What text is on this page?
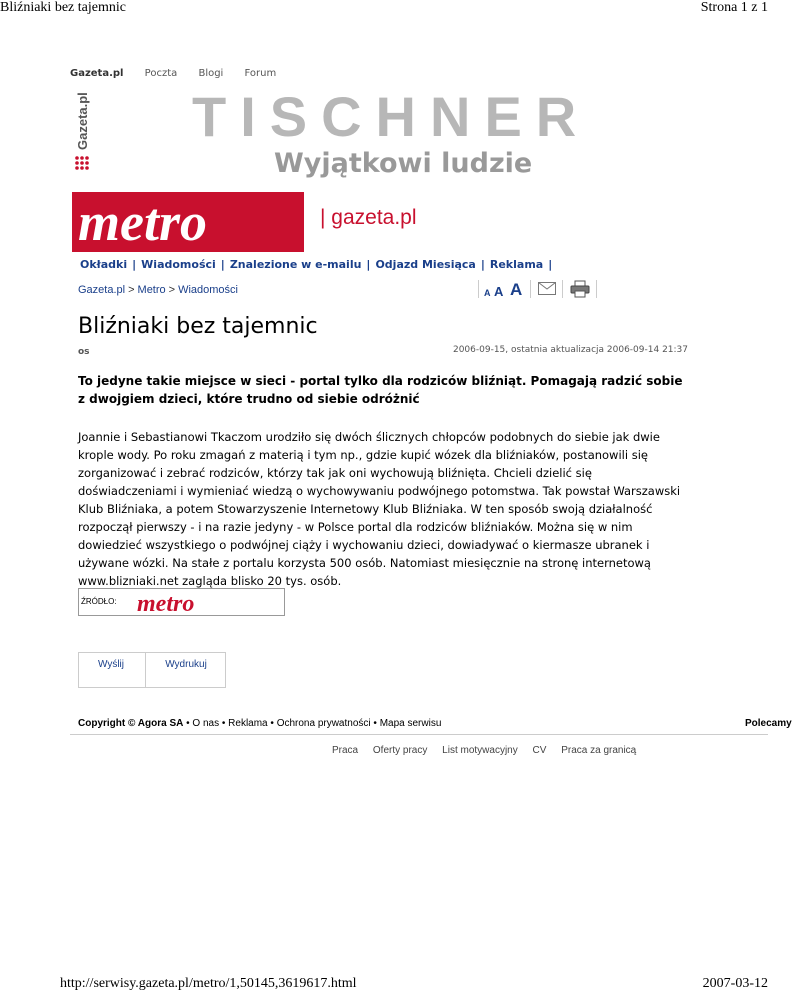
Bliźniaki bez tajemnic	Strona 1 z 1
Gazeta.pl Poczta Blogi Forum
Gazeta.pl TISCHNER
Wyjątkowi ludzie
metro	| gazeta.pl
Okładki | Wiadomości | Znalezione w e-mailu | Odjazd Miesiąca | Reklama |
Gazeta.pl > Metro > Wiadomości	A A A
Bliźniaki bez tajemnic
os	2006-09-15, ostatnia aktualizacja 2006-09-14 21:37
To jedyne takie miejsce w sieci - portal tylko dla rodziców bliźniąt. Pomagają radzić sobie z dwojgiem dzieci, które trudno od siebie odróżnić
Joannie i Sebastianowi Tkaczom urodziło się dwóch ślicznych chłopców podobnych do siebie jak dwie krople wody. Po roku zmagań z materią i tym np., gdzie kupić wózek dla bliźniaków, postanowili się zorganizować i zebrać rodziców, którzy tak jak oni wychowują bliźnięta. Chcieli dzielić się doświadczeniami i wymieniać wiedzą o wychowywaniu podwójnego potomstwa. Tak powstał Warszawski Klub Bliźniaka, a potem Stowarzyszenie Internetowy Klub Bliźniaka. W ten sposób swoją działalność rozpoczął pierwszy - i na razie jedyny - w Polsce portal dla rodziców bliźniaków. Można się w nim dowiedzieć wszystkiego o podwójnej ciąży i wychowaniu dzieci, dowiadywać o kiermasze ubranek i używane wózki. Na stałe z portalu korzysta 500 osób. Natomiast miesięcznie na stronę internetową www.blizniaki.net zagląda blisko 20 tys. osób.
ŹRÓDŁO: metro
Wyślij	Wydrukuj
Copyright © Agora SA • O nas • Reklama • Ochrona prywatności • Mapa serwisu	Polecamy
Praca Oferty pracy List motywacyjny CV Praca za granicą
http://serwisy.gazeta.pl/metro/1,50145,3619617.html	2007-03-12
